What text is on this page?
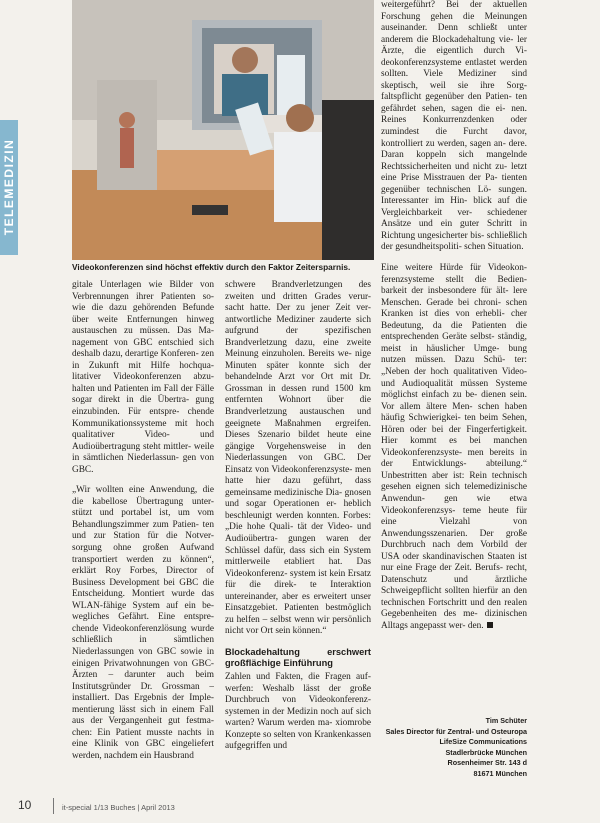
TELEMEDIZIN
Videokonferenzen sind höchst effektiv durch den Faktor Zeitersparnis.

gitale Unterlagen wie Bilder von Verbrennungen ihrer Patienten so- wie die dazu gehörenden Befunde über weite Entfernungen hinweg austauschen zu müssen. Das Ma- nagement von GBC entschied sich deshalb dazu, derartige Konferen- zen in Zukunft mit Hilfe hochqua- litativer Videokonferenzen abzu- halten und Patienten im Fall der Fälle sogar direkt in die Übertra- gung einzubinden. Für entspre- chende Kommunikationssysteme mit hoch qualitativer Video- und Audioübertragung steht mittler- weile in sämtlichen Niederlassun- gen von GBC.

„Wir wollten eine Anwendung, die die kabellose Übertragung unter- stützt und portabel ist, um vom Behandlungszimmer zum Patien- ten und zur Station für die Notver- sorgung ohne großen Aufwand transportiert werden zu können“, erklärt Roy Forbes, Director of Business Development bei GBC die Entscheidung. Montiert wurde das WLAN-fähige System auf ein be- wegliches Gefährt. Eine entspre- chende Videokonferenzlösung wurde schließlich in sämtlichen Niederlassungen von GBC sowie in einigen Privatwohnungen von GBC-Ärzten – darunter auch beim Institutsgründer Dr. Grossman – installiert. Das Ergebnis der Imple- mentierung lässt sich in einem Fall aus der Vergangenheit gut festma- chen: Ein Patient musste nachts in eine Klinik von GBC eingeliefert werden, nachdem ein Hausbrand

schwere Brandverletzungen des zweiten und dritten Grades verur- sacht hatte. Der zu jener Zeit ver- antwortliche Mediziner zauderte sich aufgrund der spezifischen Brandverletzung dazu, eine zweite Meinung einzuholen. Bereits we- nige Minuten später konnte sich der behandelnde Arzt vor Ort mit Dr. Grossman in dessen rund 1500 km entfernten Wohnort über die Brandverletzung austauschen und geeignete Maßnahmen ergreifen. Dieses Szenario bildet heute eine gängige Vorgehensweise in den Niederlassungen von GBC. Der Einsatz von Videokonferenzsyste- men hatte hier dazu geführt, dass gemeinsame medizinische Dia- gnosen und sogar Operationen er- heblich beschleunigt werden konnten. Forbes: „Die hohe Quali- tät der Video- und Audioübertra- gungen waren der Schlüssel dafür, dass sich ein System mittlerweile etabliert hat. Das Videokonferenz- system ist kein Ersatz für die direk- te Interaktion untereinander, aber es erweitert unser Einsatzgebiet. Patienten bestmöglich zu helfen – selbst wenn wir persönlich nicht vor Ort sein können.“

Blockadehaltung erschwert großflächige Einführung

Zahlen und Fakten, die Fragen auf- werfen: Weshalb lässt der große Durchbruch von Videokonferenz- systemen in der Medizin noch auf sich warten? Warum werden ma- xiomrobe Konzepte so selten von Krankenkassen aufgegriffen und

weitergeführt? Bei der aktuellen Forschung gehen die Meinungen auseinander. Denn schließt unter anderem die Blockadehaltung vie- ler Ärzte, die eigentlich durch Vi- deokonferenzsysteme entlastet werden sollten. Viele Mediziner sind skeptisch, weil sie ihre Sorg- faltspflicht gegenüber den Patien- ten gefährdet sehen, sagen die ei- nen. Reines Konkurrenzdenken oder zumindest die Furcht davor, kontrolliert zu werden, sagen an- dere. Daran koppeln sich mangelnde Rechtssicherheiten und nicht zu- letzt eine Prise Misstrauen der Pa- tienten gegenüber technischen Lö- sungen. Interessanter im Hin- blick auf die Vergleichbarkeit ver- schiedener Ansätze und ein guter Schritt in Richtung ungesicherter bis- schließlich der gesundheitspoliti- schen Situation.

Eine weitere Hürde für Videokon- ferenzsysteme stellt die Bedien- barkeit der insbesondere für ält- lere Menschen. Gerade bei chroni- schen Kranken ist dies von erhebli- cher Bedeutung, da die Patienten die entsprechenden Geräte selbst- ständig, meist in häuslicher Umge- bung nutzen müssen. Dazu Schü- ter: „Neben der hoch qualitativen Video- und Audioqualität müssen Systeme möglichst einfach zu be- dienen sein. Vor allem ältere Men- schen haben häufig Schwierigkei- ten beim Sehen, Hören oder bei der Fingerfertigkeit. Hier kommt es bei manchen Videokonferenzsyste- men bereits in der Entwicklungs- abteilung.“ Unbestritten aber ist: Rein technisch gesehen eignen sich telemedizinische Anwendun- gen wie etwa Videokonferenzsys- teme heute für eine Vielzahl von Anwendungsszenarien. Der große Durchbruch nach dem Vorbild der USA oder skandinavischen Staaten ist nur eine Frage der Zeit. Berufs- recht, Datenschutz und ärztliche Schweigepflicht sollten hierfür an den technischen Fortschritt und den realen Gegebenheiten des me- dizinischen Alltags angepasst wer- den.

Tim Schüter
Sales Director für Zentral- und Osteuropa
LifeSize Communications
Stadlerbrücke München
Rosenheimer Str. 143 d
81671 München
10	it-special 1/13 Buches | April 2013
